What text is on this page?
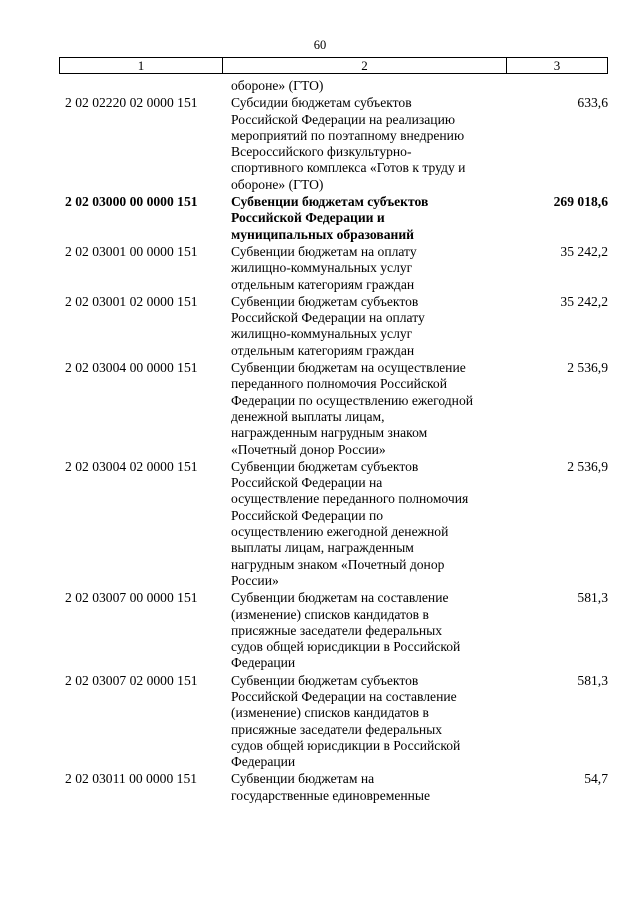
60
1	2	3
обороне» (ГТО)
2 02 02220 02 0000 151	Субсидии бюджетам субъектов
Российской Федерации на реализацию
мероприятий по поэтапному внедрению
Всероссийского физкультурно-
спортивного комплекса «Готов к труду и
обороне» (ГТО)
633,6
2 02 03000 00 0000 151	Субвенции бюджетам субъектов
Российской Федерации и
муниципальных образований
269 018,6
2 02 03001 00 0000 151	Субвенции бюджетам на оплату
жилищно-коммунальных услуг
отдельным категориям граждан
35 242,2
2 02 03001 02 0000 151	Субвенции бюджетам субъектов
Российской Федерации на оплату
жилищно-коммунальных услуг
отдельным категориям граждан
35 242,2
2 02 03004 00 0000 151	Субвенции бюджетам на осуществление
переданного полномочия Российской
Федерации по осуществлению ежегодной
денежной выплаты лицам,
награжденным нагрудным знаком
«Почетный донор России»
2 536,9
2 02 03004 02 0000 151	Субвенции бюджетам субъектов
Российской Федерации на
осуществление переданного полномочия
Российской Федерации по
осуществлению ежегодной денежной
выплаты лицам, награжденным
нагрудным знаком «Почетный донор
России»
2 536,9
2 02 03007 00 0000 151	Субвенции бюджетам на составление
(изменение) списков кандидатов в
присяжные заседатели федеральных
судов общей юрисдикции в Российской
Федерации
581,3
2 02 03007 02 0000 151	Субвенции бюджетам субъектов
Российской Федерации на составление
(изменение) списков кандидатов в
присяжные заседатели федеральных
судов общей юрисдикции в Российской
Федерации
581,3
2 02 03011 00 0000 151	Субвенции бюджетам на
государственные единовременные
54,7
